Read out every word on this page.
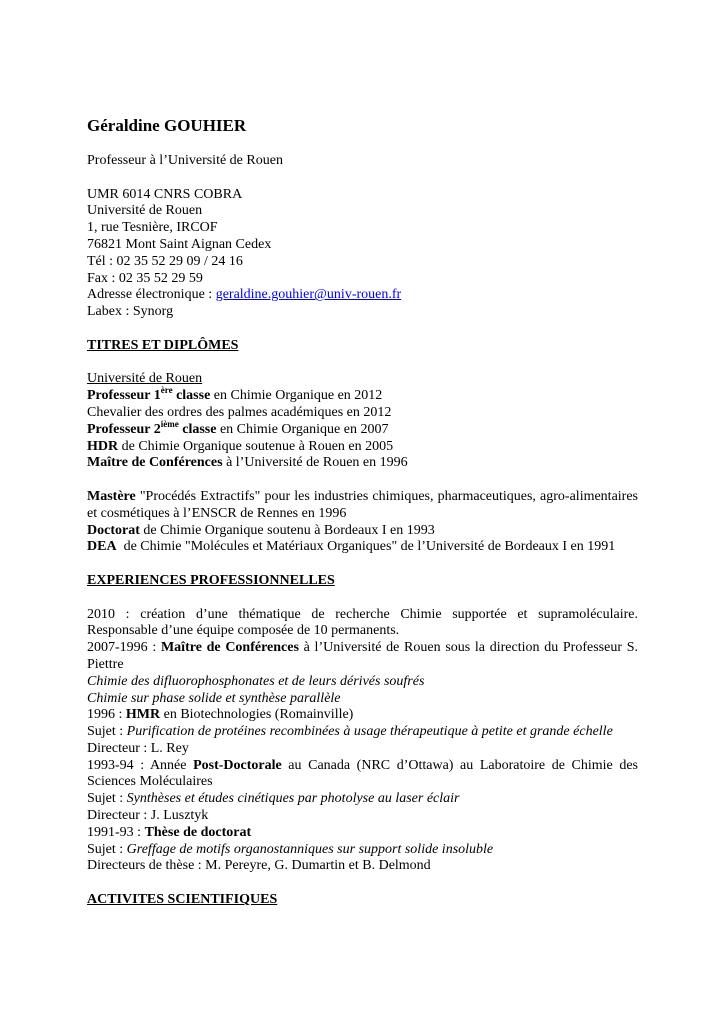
Géraldine GOUHIER

Professeur à l’Université de Rouen

UMR 6014 CNRS COBRA

Université de Rouen

1, rue Tesnière, IRCOF

76821 Mont Saint Aignan Cedex

Tél : 02 35 52 29 09 / 24 16

Fax : 02 35 52 29 59

Adresse électronique : geraldine.gouhier@univ-rouen.fr

Labex : Synorg

TITRES ET DIPLÔMES

Université de Rouen

Professeur 1ère classe en Chimie Organique en 2012

Chevalier des ordres des palmes académiques en 2012

Professeur 2ième classe en Chimie Organique en 2007

HDR de Chimie Organique soutenue à Rouen en 2005

Maître de Conférences à l’Université de Rouen en 1996

Mastère "Procédés Extractifs" pour les industries chimiques, pharmaceutiques, agro-alimentaires et cosmétiques à l’ENSCR de Rennes en 1996

Doctorat de Chimie Organique soutenu à Bordeaux I en 1993

DEA  de Chimie "Molécules et Matériaux Organiques" de l’Université de Bordeaux I en 1991

EXPERIENCES PROFESSIONNELLES

2010 : création d’une thématique de recherche Chimie supportée et supramoléculaire. Responsable d’une équipe composée de 10 permanents.

2007-1996 : Maître de Conférences à l’Université de Rouen sous la direction du Professeur S. Piettre

Chimie des difluorophosphonates et de leurs dérivés soufrés

Chimie sur phase solide et synthèse parallèle

1996 : HMR en Biotechnologies (Romainville)

Sujet : Purification de protéines recombinées à usage thérapeutique à petite et grande échelle

Directeur : L. Rey

1993-94 : Année Post-Doctorale au Canada (NRC d’Ottawa) au Laboratoire de Chimie des Sciences Moléculaires

Sujet : Synthèses et études cinétiques par photolyse au laser éclair

Directeur : J. Lusztyk

1991-93 : Thèse de doctorat

Sujet : Greffage de motifs organostanniques sur support solide insoluble

Directeurs de thèse : M. Pereyre, G. Dumartin et B. Delmond

ACTIVITES SCIENTIFIQUES
